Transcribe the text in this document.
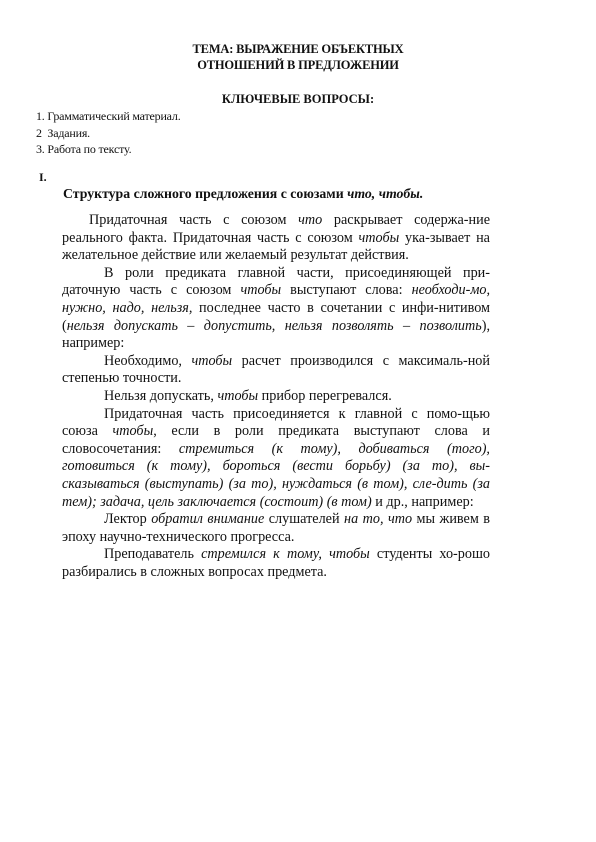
ТЕМА: ВЫРАЖЕНИЕ ОБЪЕКТНЫХ
ОТНОШЕНИЙ В ПРЕДЛОЖЕНИИ
КЛЮЧЕВЫЕ ВОПРОСЫ:
1. Грамматический материал.
2  Задания.
3. Работа по тексту.
I.
Структура сложного предложения с союзами что, чтобы.

Придаточная часть с союзом что раскрывает содержа-ние реального факта. Придаточная часть с союзом чтобы ука-зывает на желательное действие или желаемый результат действия.

В роли предиката главной части, присоединяющей при-даточную часть с союзом чтобы выступают слова: необходи-мо, нужно, надо, нельзя, последнее часто в сочетании с инфи-нитивом (нельзя допускать – допустить, нельзя позволять – позволить), например:

Необходимо, чтобы расчет производился с максималь-ной степенью точности.

Нельзя допускать, чтобы прибор перегревался.

Придаточная часть присоединяется к главной с помо-щью союза чтобы, если в роли предиката выступают слова и словосочетания: стремиться (к тому), добиваться (того), готовиться (к тому), бороться (вести борьбу) (за то), вы-сказываться (выступать) (за то), нуждаться (в том), сле-дить (за тем); задача, цель заключается (состоит) (в том) и др., например:

Лектор обратил внимание слушателей на то, что мы живем в эпоху научно-технического прогресса.

Преподаватель стремился к тому, чтобы студенты хо-рошо разбирались в сложных вопросах предмета.
